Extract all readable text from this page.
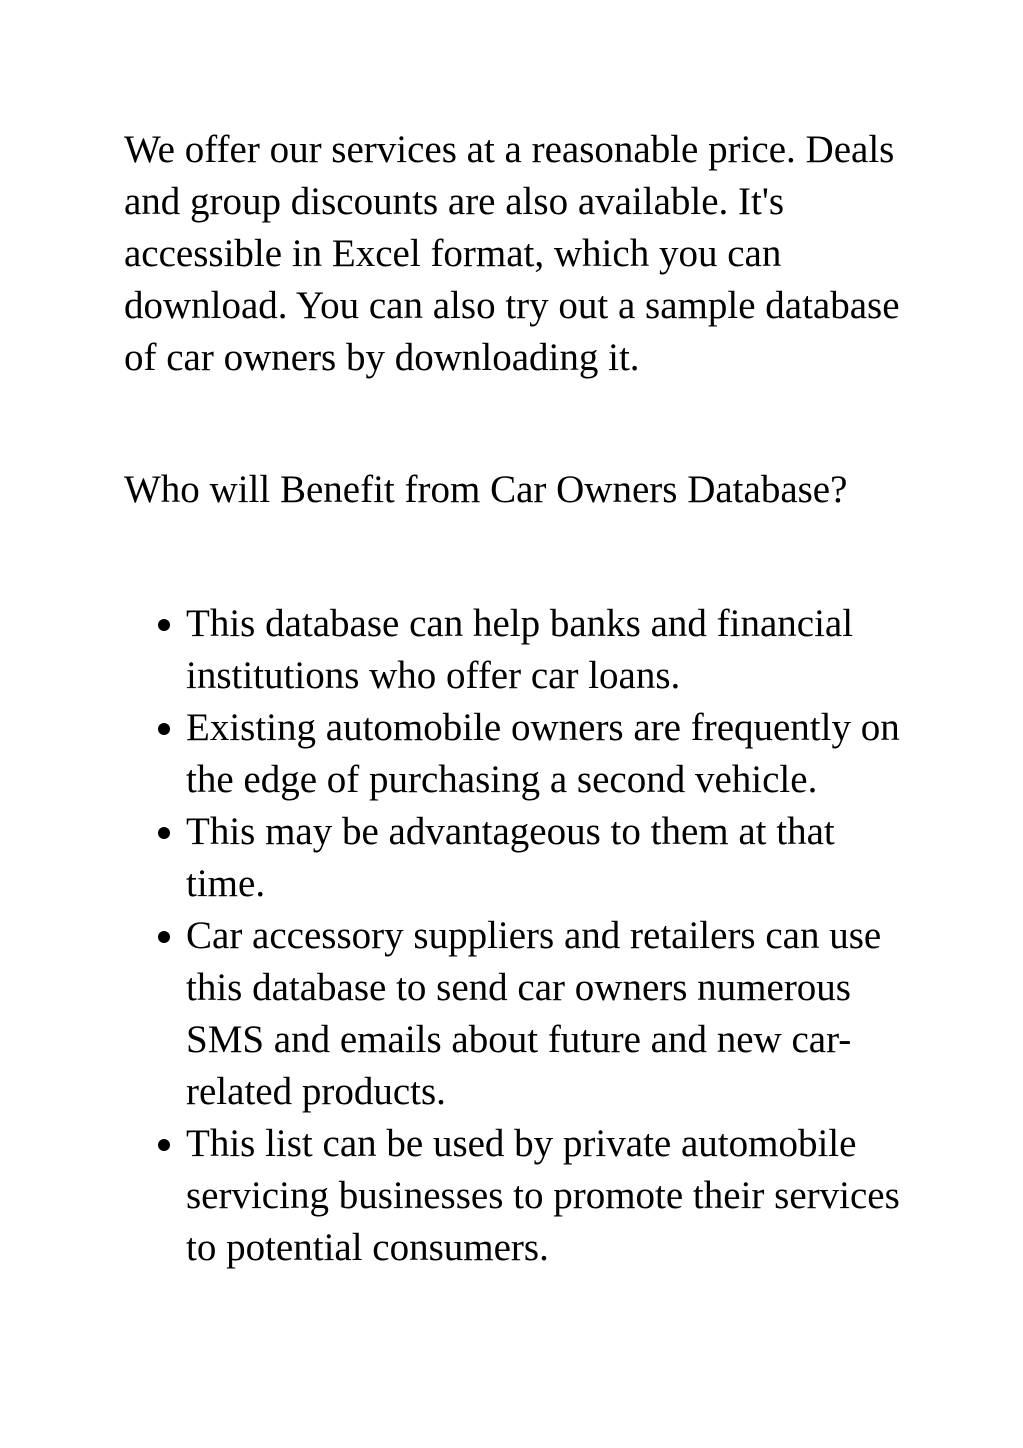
We offer our services at a reasonable price. Deals and group discounts are also available. It's accessible in Excel format, which you can download. You can also try out a sample database of car owners by downloading it.

Who will Benefit from Car Owners Database?
This database can help banks and financial institutions who offer car loans.
Existing automobile owners are frequently on the edge of purchasing a second vehicle.
This may be advantageous to them at that time.
Car accessory suppliers and retailers can use this database to send car owners numerous SMS and emails about future and new car-related products.
This list can be used by private automobile servicing businesses to promote their services to potential consumers.
